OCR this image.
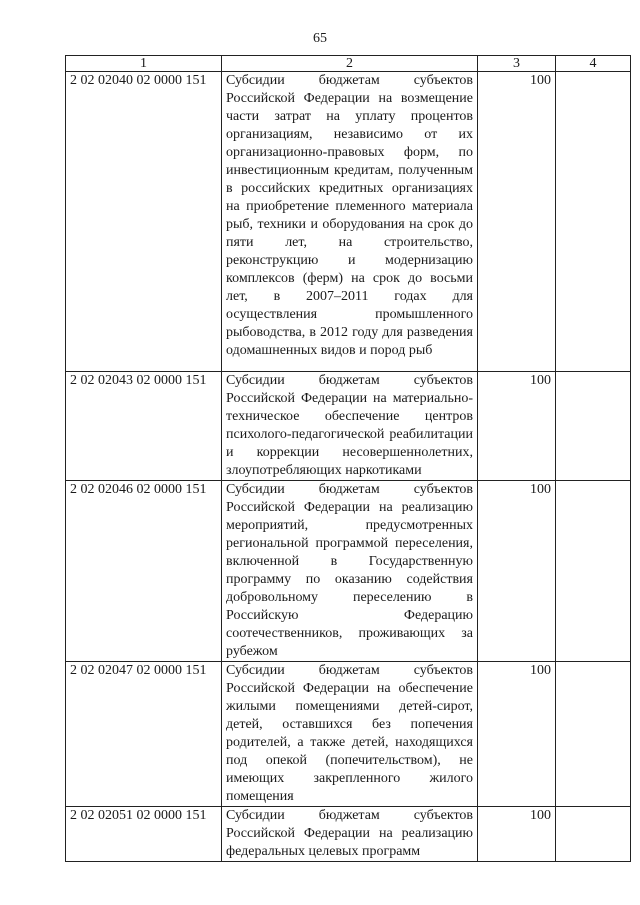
65
1	2	3	4
2 02 02040 02 0000 151	Субсидии бюджетам субъектов Российской Федерации на возмещение части затрат на уплату процентов организациям, независимо от их организационно-правовых форм, по инвестиционным кредитам, полученным в российских кредитных организациях на приобретение племенного материала рыб, техники и оборудования на срок до пяти лет, на строительство, реконструкцию и модернизацию комплексов (ферм) на срок до восьми лет, в 2007–2011 годах для осуществления промышленного рыбоводства, в 2012 году для разведения одомашненных видов и пород рыб	100	
2 02 02043 02 0000 151	Субсидии бюджетам субъектов Российской Федерации на материально-техническое обеспечение центров психолого-педагогической реабилитации и коррекции несовершеннолетних, злоупотребляющих наркотиками	100	
2 02 02046 02 0000 151	Субсидии бюджетам субъектов Российской Федерации на реализацию мероприятий, предусмотренных региональной программой переселения, включенной в Государственную программу по оказанию содействия добровольному переселению в Российскую Федерацию соотечественников, проживающих за рубежом	100	
2 02 02047 02 0000 151	Субсидии бюджетам субъектов Российской Федерации на обеспечение жилыми помещениями детей-сирот, детей, оставшихся без попечения родителей, а также детей, находящихся под опекой (попечительством), не имеющих закрепленного жилого помещения	100	
2 02 02051 02 0000 151	Субсидии бюджетам субъектов Российской Федерации на реализацию федеральных целевых программ	100	
